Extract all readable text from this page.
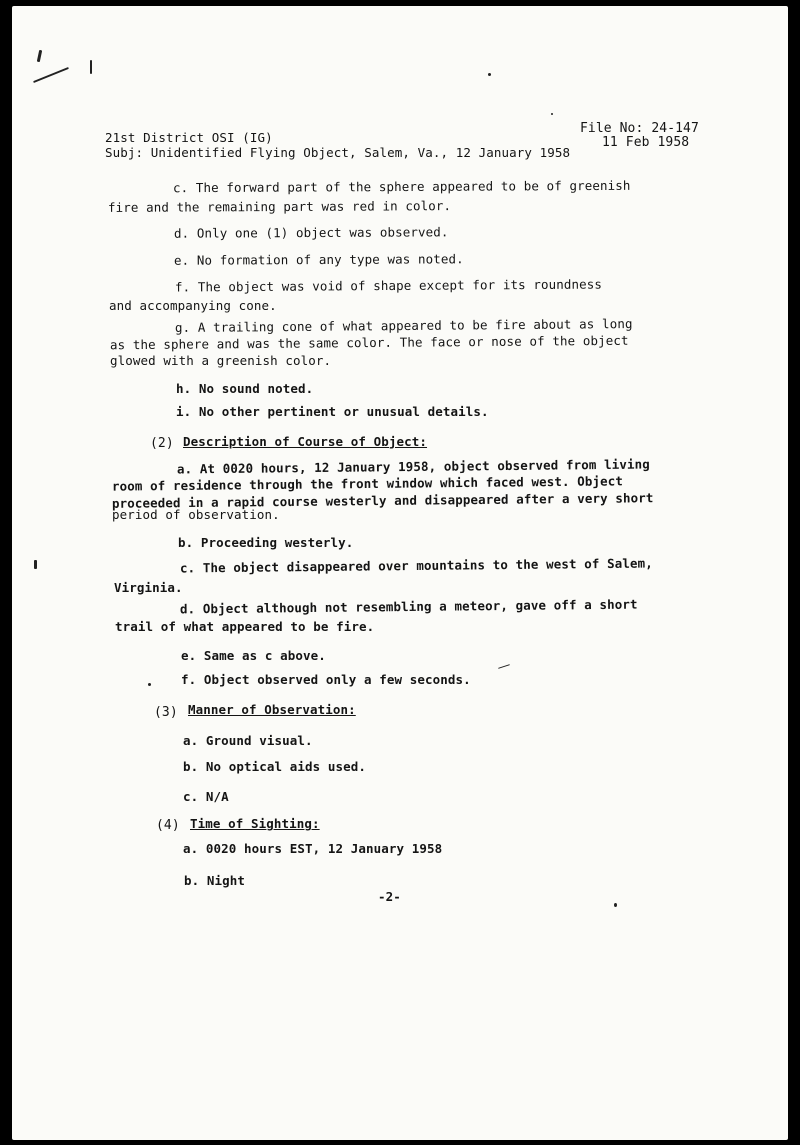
21st District OSI (IG)
File No: 24-147
Subj: Unidentified Flying Object, Salem, Va., 12 January 1958
11 Feb 1958
c. The forward part of the sphere appeared to be of greenish
fire and the remaining part was red in color.
d. Only one (1) object was observed.
e. No formation of any type was noted.
f. The object was void of shape except for its roundness
and accompanying cone.
g. A trailing cone of what appeared to be fire about as long
as the sphere and was the same color. The face or nose of the object
glowed with a greenish color.
h. No sound noted.
i. No other pertinent or unusual details.
(2) Description of Course of Object:
a. At 0020 hours, 12 January 1958, object observed from living
room of residence through the front window which faced west. Object
proceeded in a rapid course westerly and disappeared after a very short
period of observation.
b. Proceeding westerly.
c. The object disappeared over mountains to the west of Salem,
Virginia.
d. Object although not resembling a meteor, gave off a short
trail of what appeared to be fire.
e. Same as c above.
f. Object observed only a few seconds.
(3) Manner of Observation:
a. Ground visual.
b. No optical aids used.
c. N/A
(4) Time of Sighting:
a. 0020 hours EST, 12 January 1958
b. Night
-2-
